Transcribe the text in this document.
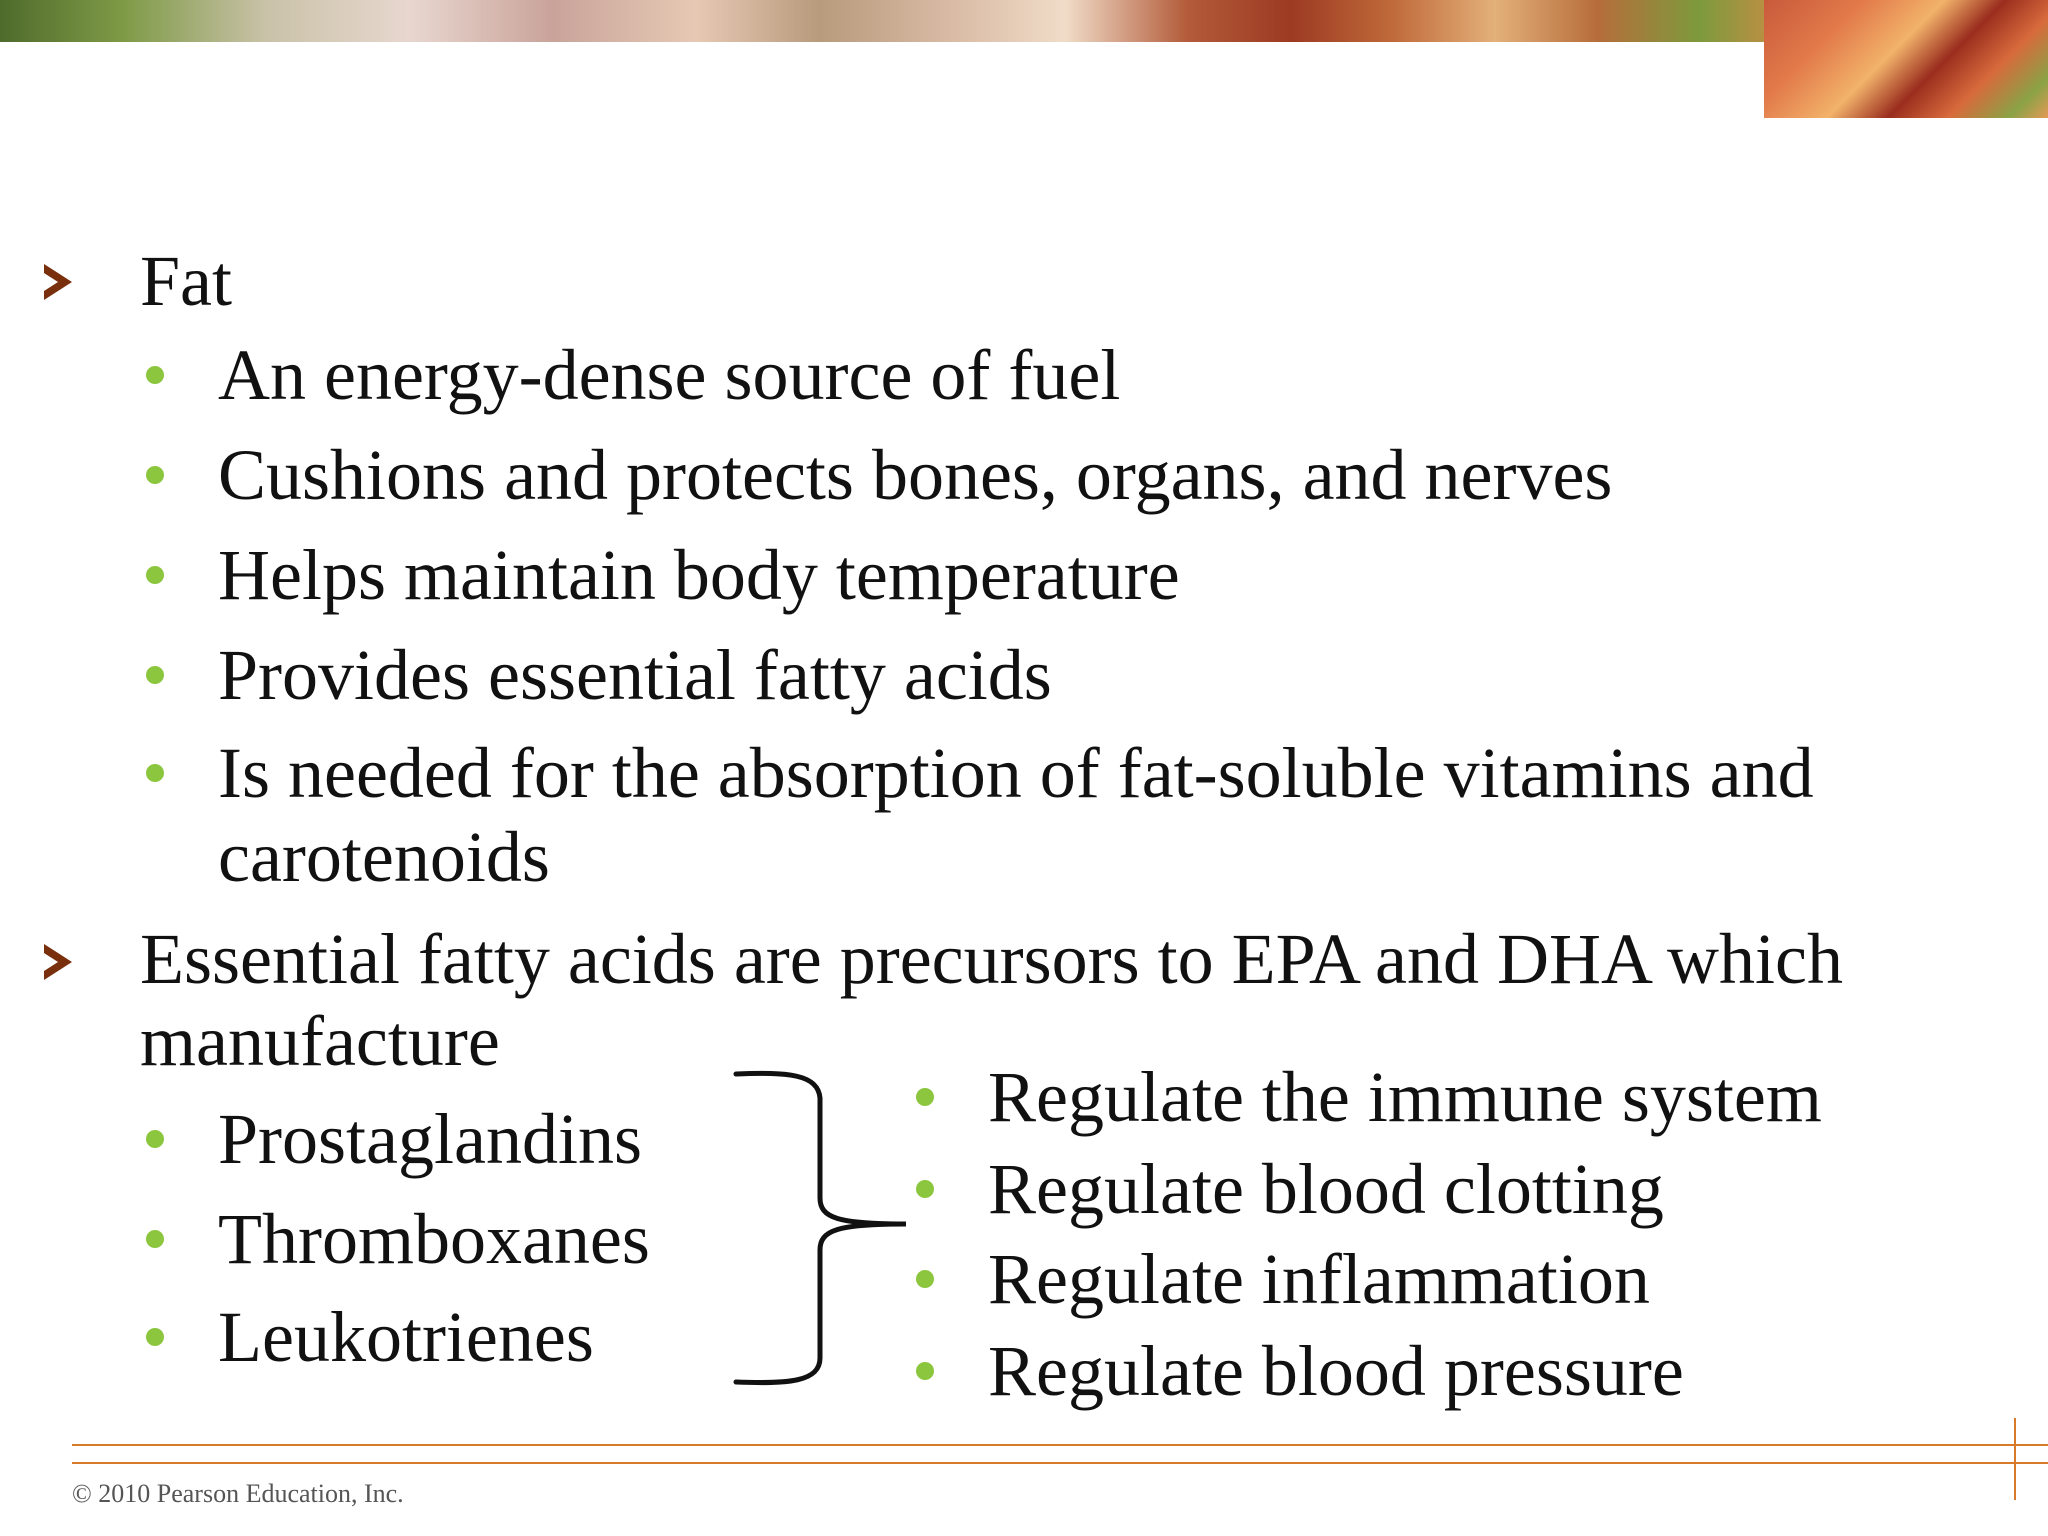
Fat
An energy-dense source of fuel
Cushions and protects bones, organs, and nerves
Helps maintain body temperature
Provides essential fatty acids
Is needed for the absorption of fat-soluble vitamins and
carotenoids
Essential fatty acids are precursors to EPA and DHA which
manufacture
Prostaglandins
Thromboxanes
Leukotrienes
Regulate the immune system
Regulate blood clotting
Regulate inflammation
Regulate blood pressure
© 2010 Pearson Education, Inc.
